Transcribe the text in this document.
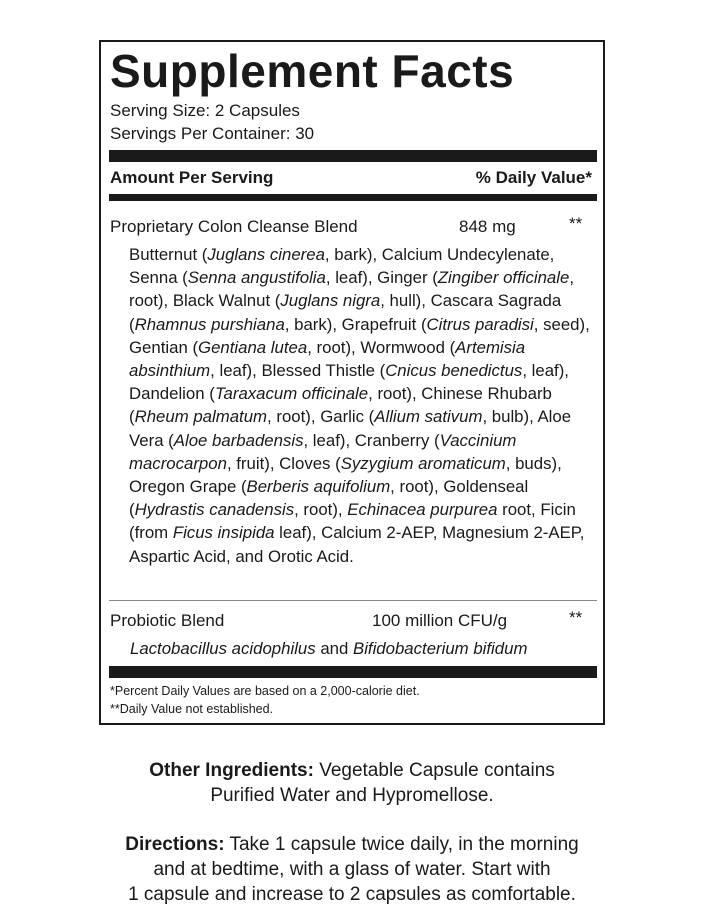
Supplement Facts
Serving Size: 2 Capsules
Servings Per Container: 30
Amount Per Serving	% Daily Value*
Proprietary Colon Cleanse Blend	848 mg	**
Butternut (Juglans cinerea, bark), Calcium Undecylenate, Senna (Senna angustifolia, leaf), Ginger (Zingiber officinale, root), Black Walnut (Juglans nigra, hull), Cascara Sagrada (Rhamnus purshiana, bark), Grapefruit (Citrus paradisi, seed), Gentian (Gentiana lutea, root), Wormwood (Artemisia absinthium, leaf), Blessed Thistle (Cnicus benedictus, leaf), Dandelion (Taraxacum officinale, root), Chinese Rhubarb (Rheum palmatum, root), Garlic (Allium sativum, bulb), Aloe Vera (Aloe barbadensis, leaf), Cranberry (Vaccinium macrocarpon, fruit), Cloves (Syzygium aromaticum, buds), Oregon Grape (Berberis aquifolium, root), Goldenseal (Hydrastis canadensis, root), Echinacea purpurea root, Ficin (from Ficus insipida leaf), Calcium 2-AEP, Magnesium 2-AEP, Aspartic Acid, and Orotic Acid.
Probiotic Blend	100 million CFU/g	**
Lactobacillus acidophilus and Bifidobacterium bifidum
*Percent Daily Values are based on a 2,000-calorie diet.
**Daily Value not established.
Other Ingredients: Vegetable Capsule contains
Purified Water and Hypromellose.
Directions: Take 1 capsule twice daily, in the morning
and at bedtime, with a glass of water. Start with
1 capsule and increase to 2 capsules as comfortable.
